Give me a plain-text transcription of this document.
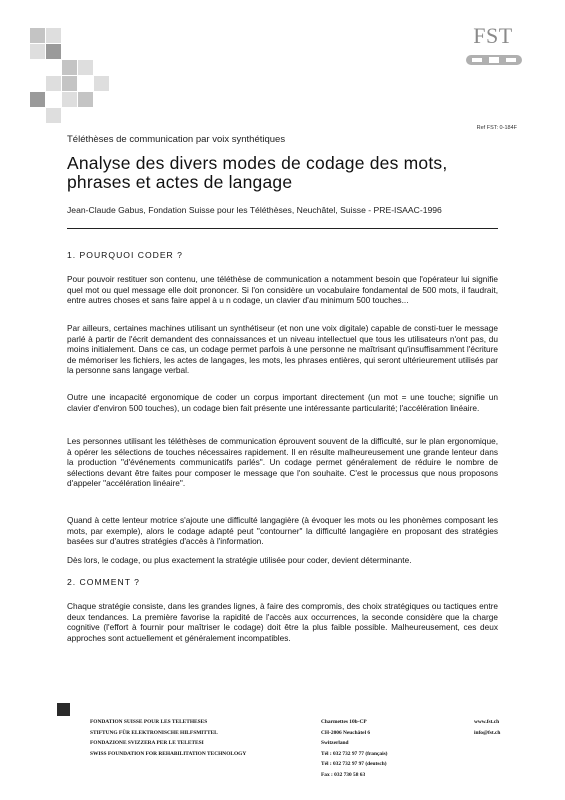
FST
Ref FST: 0-184F
Téléthèses de communication par voix synthétiques
Analyse des divers modes de codage des mots, phrases et actes de langage
Jean-Claude Gabus, Fondation Suisse pour les Téléthèses, Neuchâtel, Suisse - PRE-ISAAC-1996
1. POURQUOI CODER ?

Pour pouvoir restituer son contenu, une téléthèse de communication a notamment besoin que l'opérateur lui signifie quel mot ou quel message elle doit prononcer. Si l'on considère un vocabulaire fondamental de 500 mots, il faudrait, entre autres choses et sans faire appel à u n codage, un clavier d'au minimum 500 touches...

Par ailleurs, certaines machines utilisant un synthétiseur (et non une voix digitale) capable de consti-tuer le message parlé à partir de l'écrit demandent des connaissances et un niveau intellectuel que tous les utilisateurs n'ont pas, du moins initialement. Dans ce cas, un codage permet parfois à une personne ne maîtrisant qu'insuffisamment l'écriture de mémoriser les fichiers, les actes de langages, les mots, les phrases entières, qui seront ultérieurement utilisés par la personne sans langage verbal.

Outre une incapacité ergonomique de coder un corpus important directement (un mot = une touche; signifie un clavier d'environ 500 touches), un codage bien fait présente une intéressante particularité; l'accélération linéaire.

Les personnes utilisant les téléthèses de communication éprouvent souvent de la difficulté, sur le plan ergonomique, à opérer les sélections de touches nécessaires rapidement. Il en résulte malheureusement une grande lenteur dans la production "d'événements communicatifs parlés". Un codage permet généralement de réduire le nombre de sélections devant être faites pour composer le message que l'on souhaite. C'est le processus que nous proposons d'appeler "accélération linéaire".

Quand à cette lenteur motrice s'ajoute une difficulté langagière (à évoquer les mots ou les phonèmes composant les mots, par exemple), alors le codage adapté peut "contourner" la difficulté langagière en proposant des stratégies basées sur d'autres stratégies d'accès à l'information.

Dès lors, le codage, ou plus exactement la stratégie utilisée pour coder, devient déterminante.

2. COMMENT ?

Chaque stratégie consiste, dans les grandes lignes, à faire des compromis, des choix stratégiques ou tactiques entre deux tendances. La première favorise la rapidité de l'accès aux occurrences, la seconde considère que la charge cognitive (l'effort à fournir pour maîtriser le codage) doit être la plus faible possible. Malheureusement, ces deux approches sont actuellement et généralement incompatibles.

FONDATION SUISSE POUR LES TELETHESES
STIFTUNG FÜR ELEKTRONISCHE HILFSMITTEL
FONDAZIONE SVIZZERA PER LE TELETESI
SWISS FOUNDATION FOR REHABILITATION TECHNOLOGY
Charmettes 10b-CP
CH-2006 Neuchâtel 6
Switzerland
Tél : 032 732 97 77 (français)
Tél : 032 732 97 97 (deutsch)
Fax : 032 730 58 63
www.fst.ch
info@fst.ch
